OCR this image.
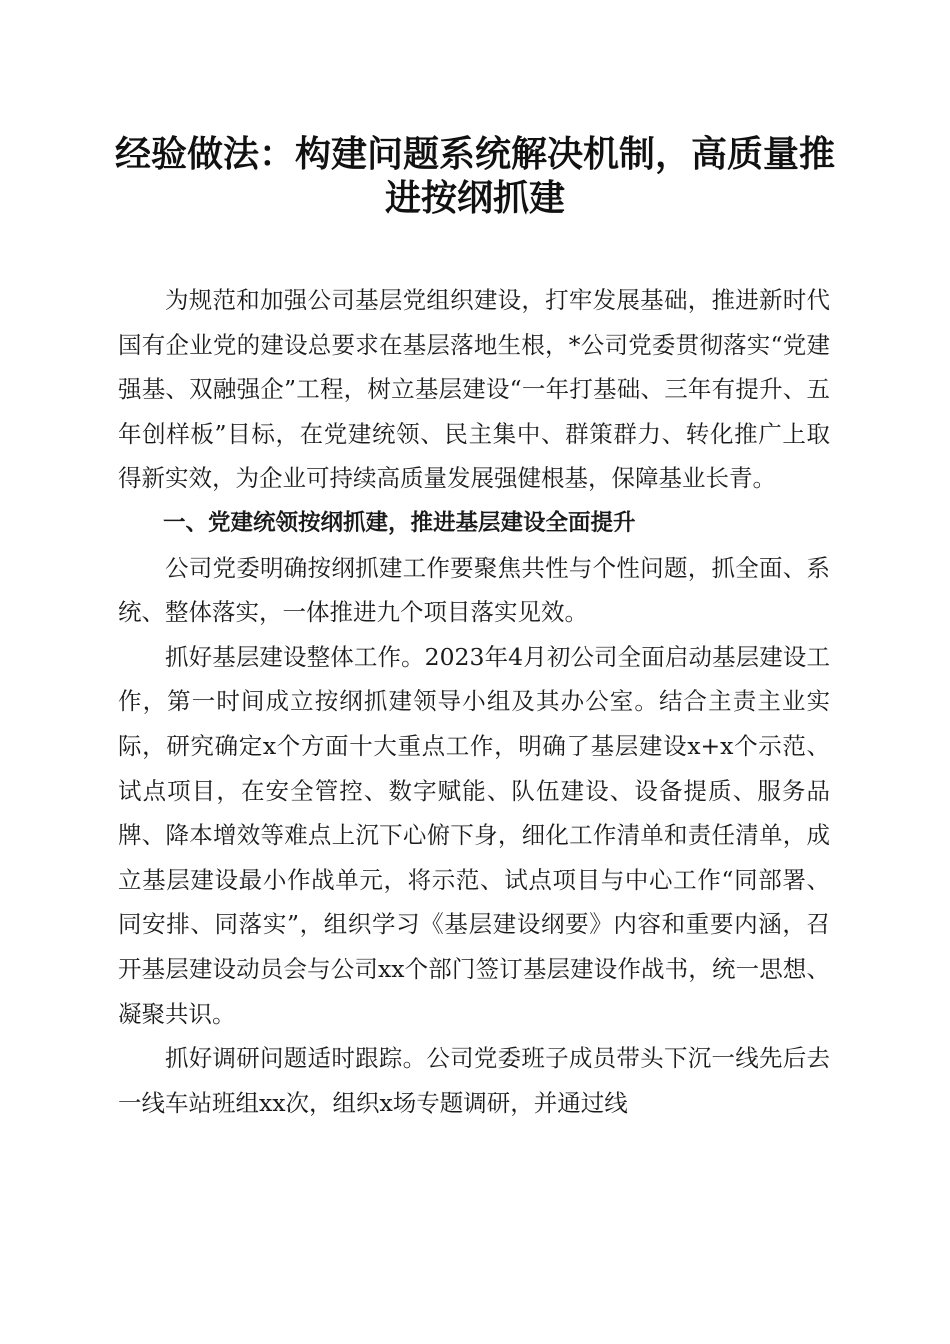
经验做法：构建问题系统解决机制，高质量推进按纲抓建

为规范和加强公司基层党组织建设，打牢发展基础，推进新时代国有企业党的建设总要求在基层落地生根，*公司党委贯彻落实“党建强基、双融强企”工程，树立基层建设“一年打基础、三年有提升、五年创样板”目标，在党建统领、民主集中、群策群力、转化推广上取得新实效，为企业可持续高质量发展强健根基，保障基业长青。

一、党建统领按纲抓建，推进基层建设全面提升

公司党委明确按纲抓建工作要聚焦共性与个性问题，抓全面、系统、整体落实，一体推进九个项目落实见效。

抓好基层建设整体工作。2023年4月初公司全面启动基层建设工作，第一时间成立按纲抓建领导小组及其办公室。结合主责主业实际，研究确定x个方面十大重点工作，明确了基层建设x+x个示范、试点项目，在安全管控、数字赋能、队伍建设、设备提质、服务品牌、降本增效等难点上沉下心俯下身，细化工作清单和责任清单，成立基层建设最小作战单元，将示范、试点项目与中心工作“同部署、同安排、同落实”，组织学习《基层建设纲要》内容和重要内涵，召开基层建设动员会与公司xx个部门签订基层建设作战书，统一思想、凝聚共识。

抓好调研问题适时跟踪。公司党委班子成员带头下沉一线先后去一线车站班组xx次，组织x场专题调研，并通过线
